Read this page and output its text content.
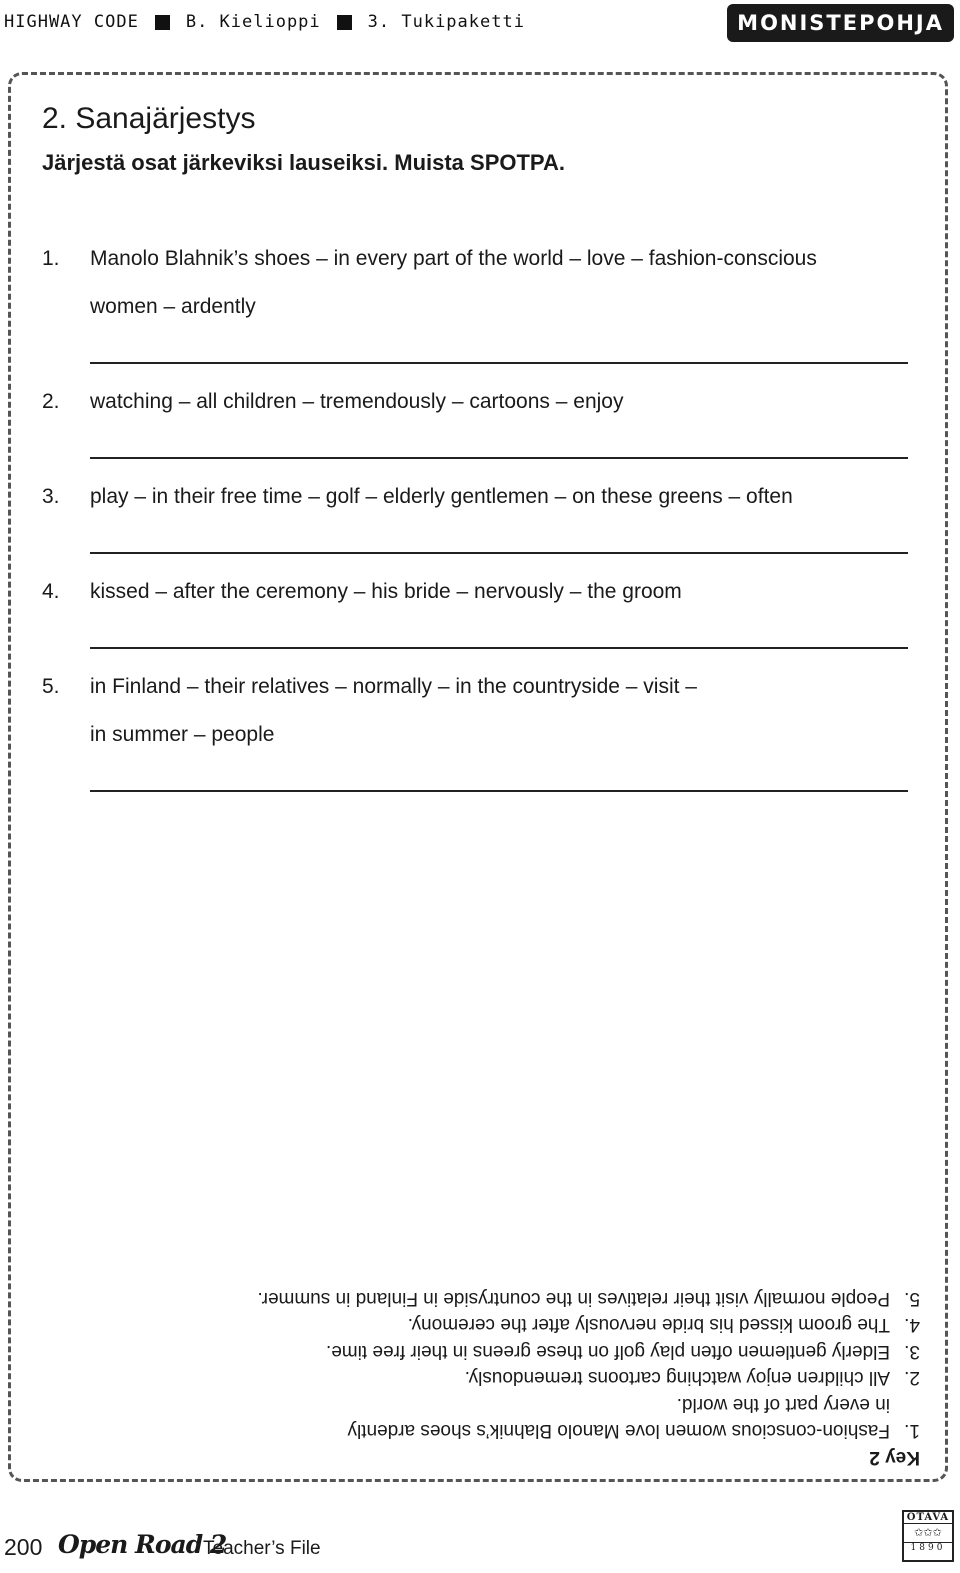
HIGHWAY CODE	B. Kielioppi	3. Tukipaketti	MONISTEPOHJA
2. Sanajärjestys
Järjestä osat järkeviksi lauseiksi. Muista SPOTPA.
1.	Manolo Blahnik’s shoes – in every part of the world – love – fashion-conscious
women – ardently
2.	watching – all children – tremendously – cartoons – enjoy
3.	play – in their free time – golf – elderly gentlemen – on these greens – often
4.	kissed – after the ceremony – his bride – nervously – the groom
5.	in Finland – their relatives – normally – in the countryside – visit –
in summer – people
Key 2
1.
Fashion-conscious women love Manolo Blahnik’s shoes ardently
in every part of the world.
2.
All children enjoy watching cartoons tremendously.
3.
Elderly gentlemen often play golf on these greens in their free time.
4.
The groom kissed his bride nervously after the ceremony.
5.
People normally visit their relatives in the countryside in Finland in summer.
200 Open Road 2
Teacher’s File
OTAVA
✩✩✩
1890
